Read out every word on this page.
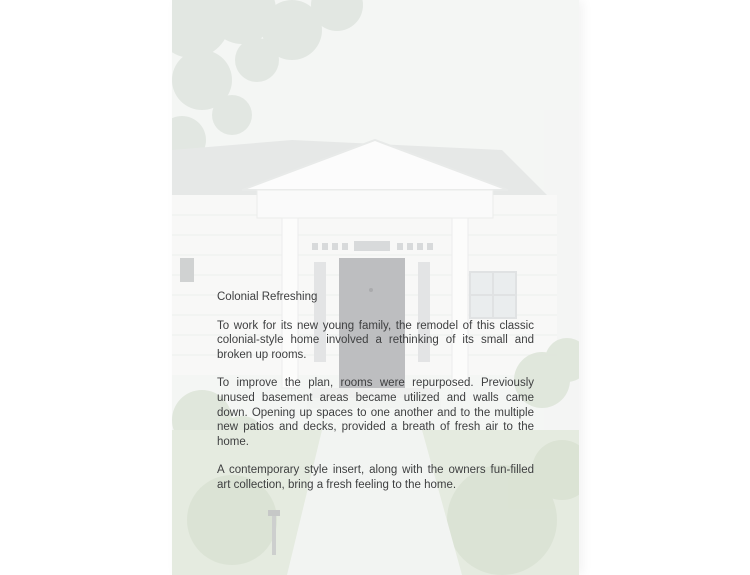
Colonial Refreshing

To work for its new young family, the remodel of this classic colonial-style home involved a rethinking of its small and broken up rooms.

To improve the plan, rooms were repurposed. Previously unused basement areas became utilized and walls came down. Opening up spaces to one another and to the multiple new patios and decks, provided a breath of fresh air to the home.

A contemporary style insert, along with the owners fun-filled art collection, bring a fresh feeling to the home.
